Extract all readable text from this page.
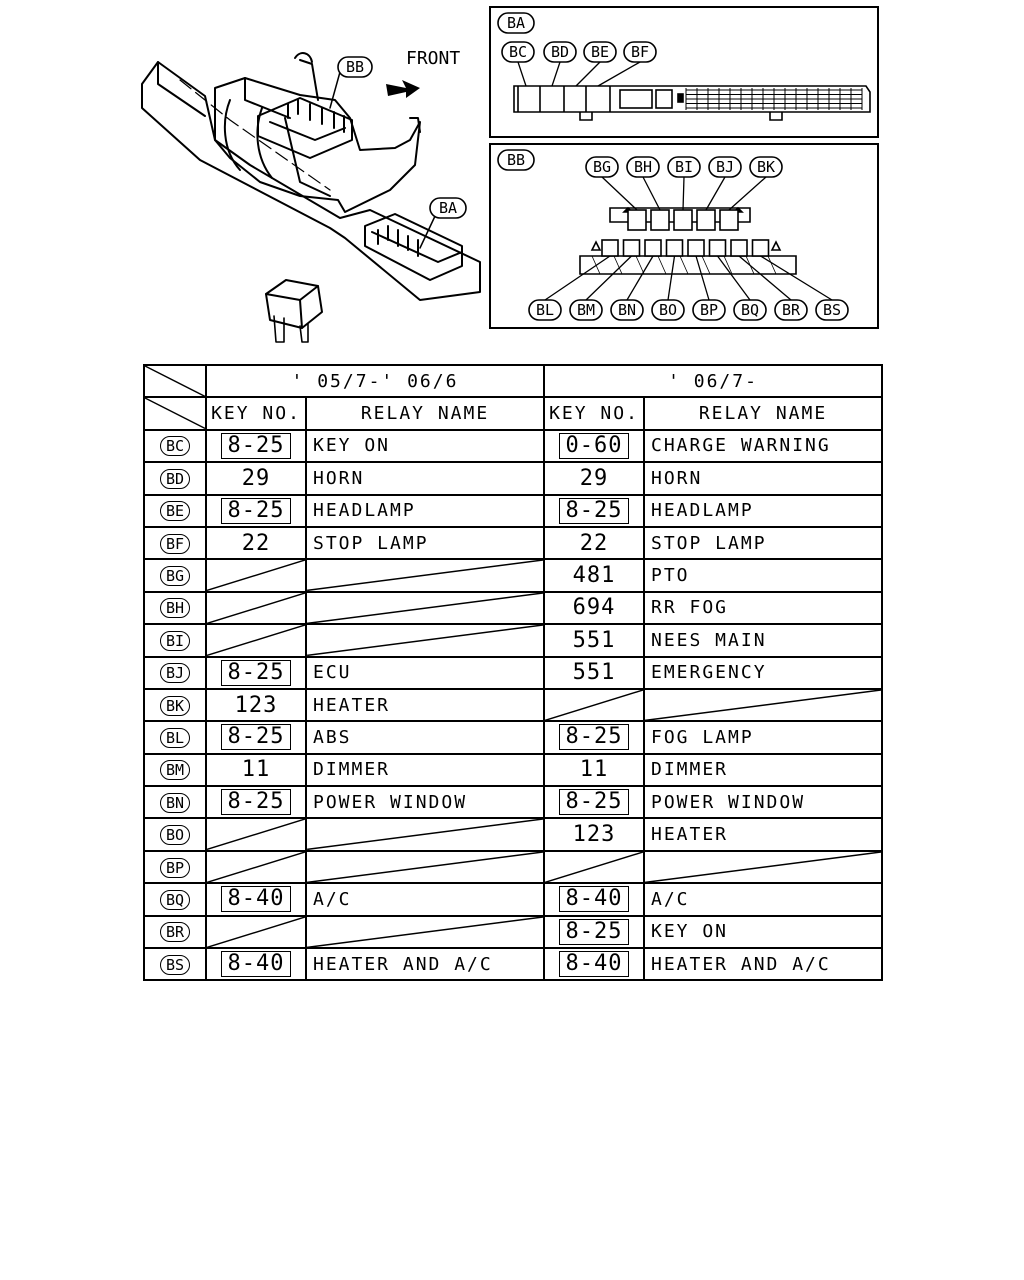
FRONT
BB
BA
BA
BC BD BE BF
BB	BG BH BI BJ BK
BL BM BN BO BP BQ BR BS
	' 05/7-' 06/6		' 06/7-	

	KEY NO.	RELAY NAME	KEY NO.	RELAY NAME
BC	8-25	KEY ON	0-60	CHARGE WARNING
BD	29	HORN	29	HORN
BE	8-25	HEADLAMP	8-25	HEADLAMP
BF	22	STOP LAMP	22	STOP LAMP
BG			481	PTO
BH			694	RR FOG
BI			551	NEES MAIN
BJ	8-25	ECU	551	EMERGENCY
BK	123	HEATER	

BL	8-25	ABS	8-25	FOG LAMP
BM	11	DIMMER	11	DIMMER
BN	8-25	POWER WINDOW	8-25	POWER WINDOW
BO			123	HEATER
BP	

BQ	8-40	A/C	8-40	A/C
BR			8-25	KEY ON
BS	8-40	HEATER AND A/C	8-40	HEATER AND A/C
